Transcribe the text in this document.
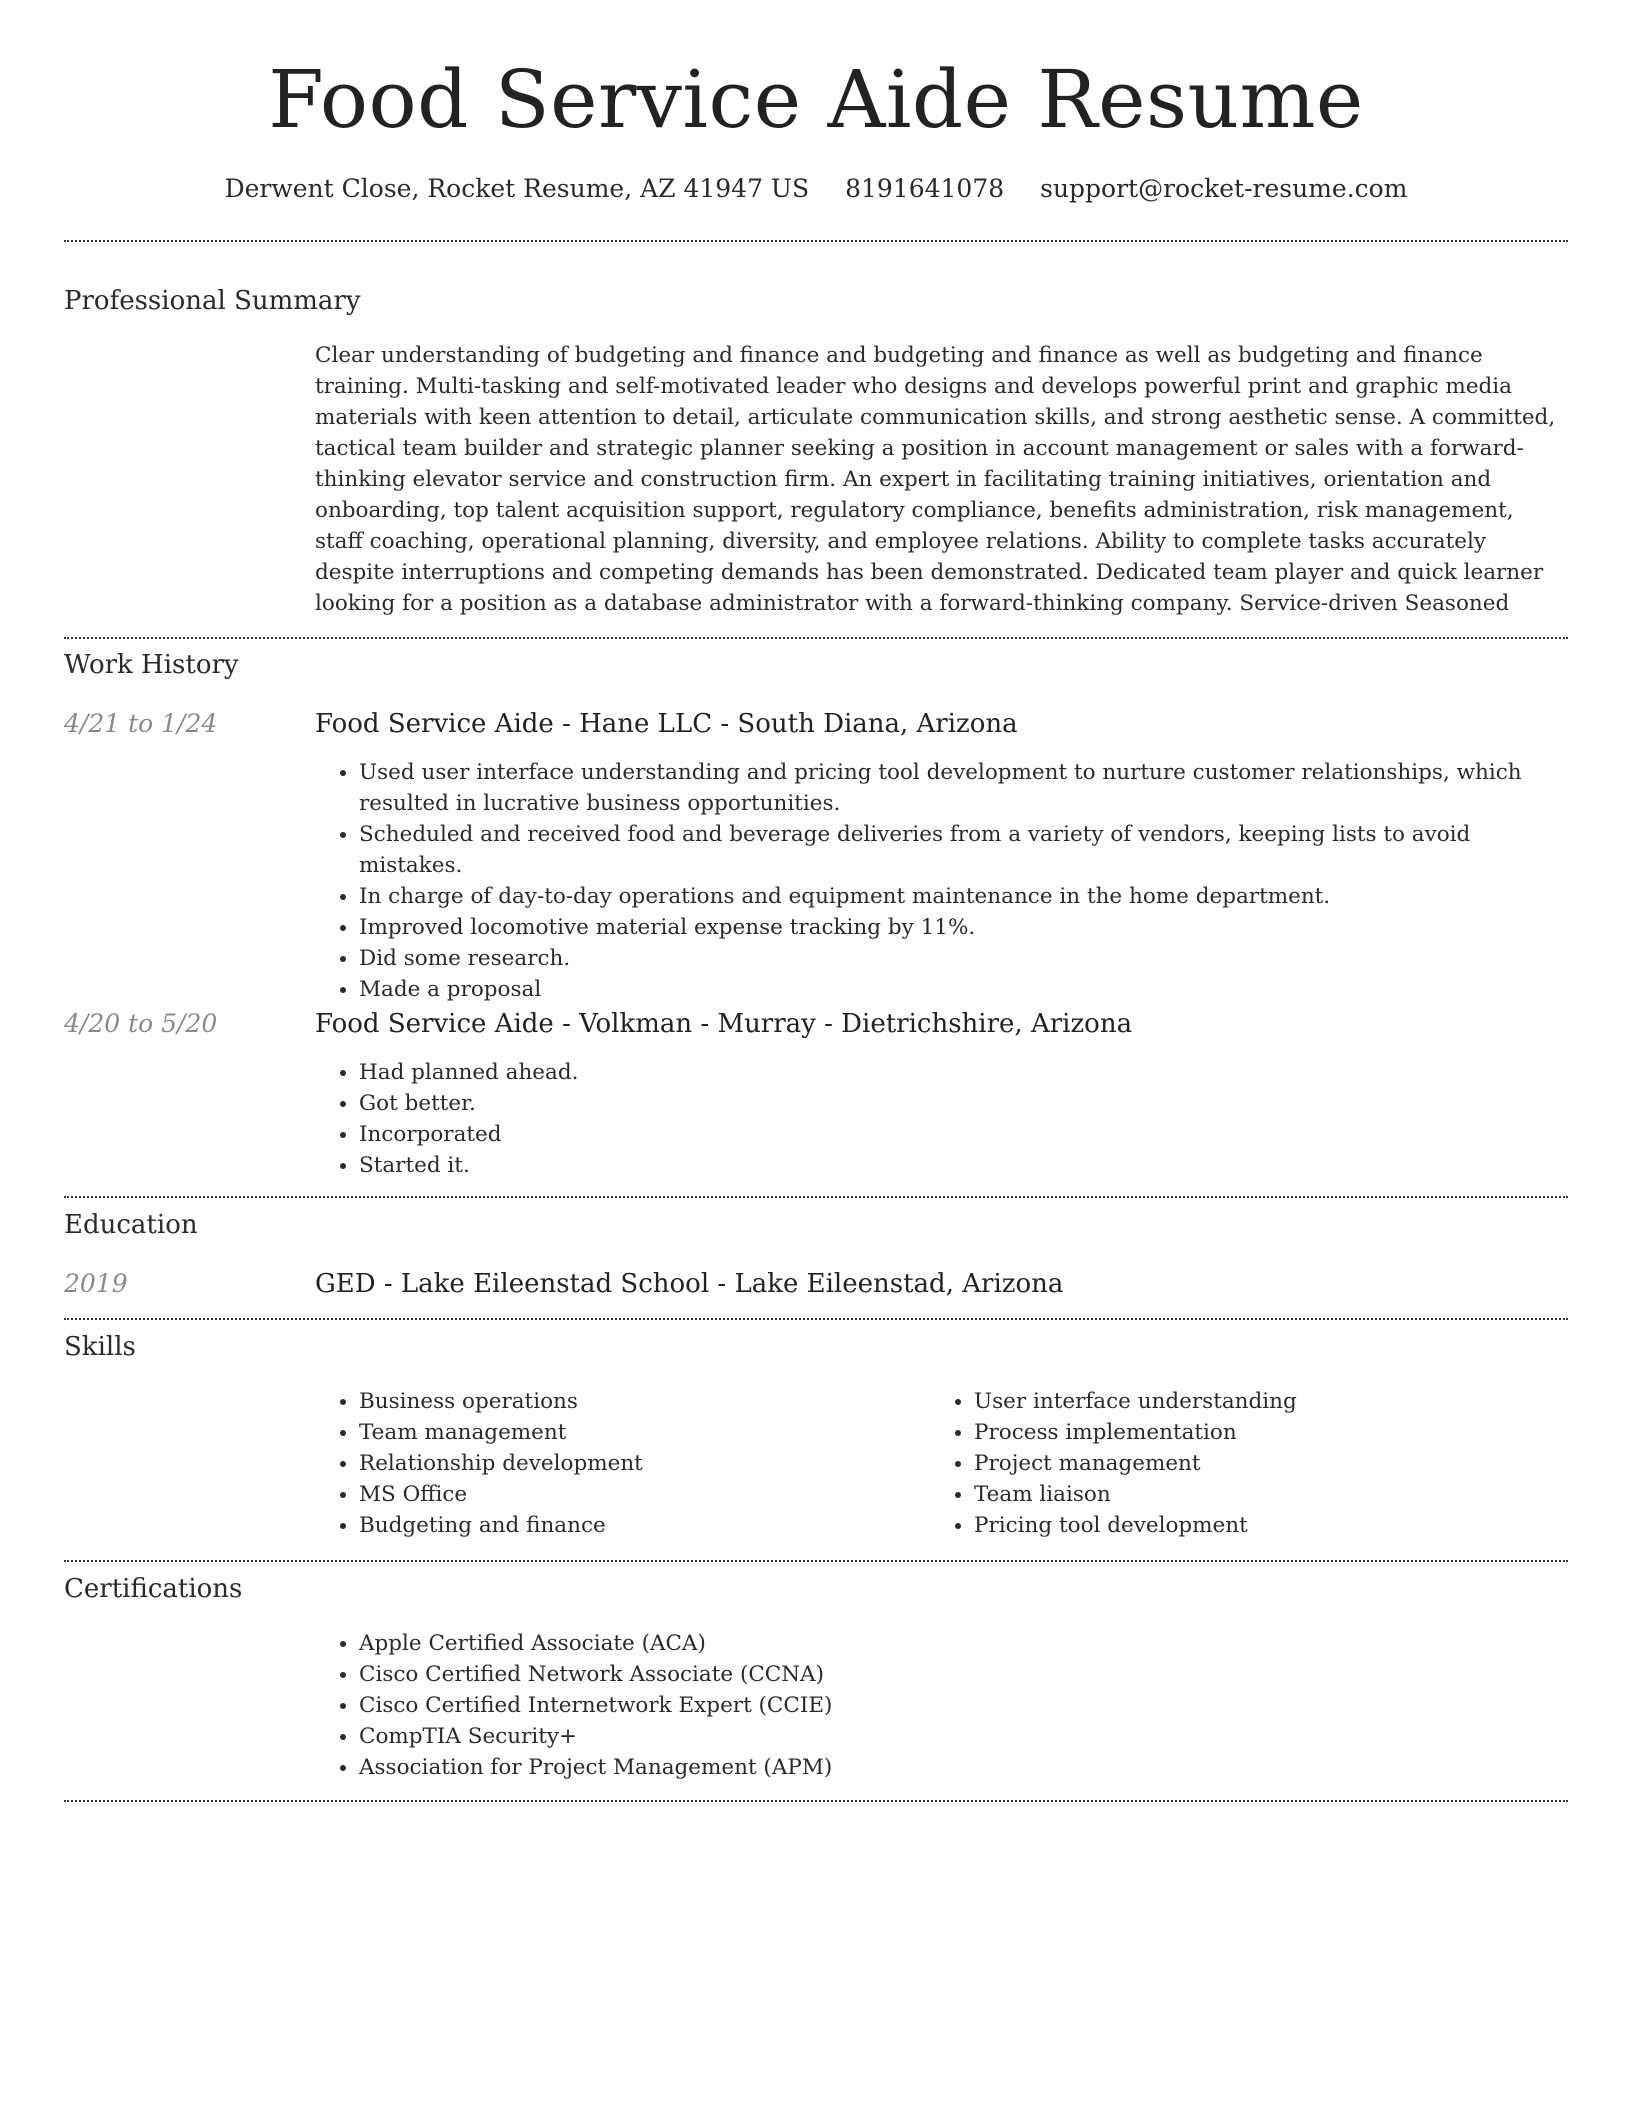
Food Service Aide Resume
Derwent Close, Rocket Resume, AZ 41947 US 8191641078 support@rocket-resume.com
Professional Summary

Clear understanding of budgeting and finance and budgeting and finance as well as budgeting and finance training. Multi-tasking and self-motivated leader who designs and develops powerful print and graphic media materials with keen attention to detail, articulate communication skills, and strong aesthetic sense. A committed, tactical team builder and strategic planner seeking a position in account management or sales with a forward-thinking elevator service and construction firm. An expert in facilitating training initiatives, orientation and onboarding, top talent acquisition support, regulatory compliance, benefits administration, risk management, staff coaching, operational planning, diversity, and employee relations. Ability to complete tasks accurately despite interruptions and competing demands has been demonstrated. Dedicated team player and quick learner looking for a position as a database administrator with a forward-thinking company. Service-driven Seasoned

Work History
4/21 to 1/24	Food Service Aide - Hane LLC - South Diana, Arizona
• Used user interface understanding and pricing tool development to nurture customer relationships, which resulted in lucrative business opportunities.
• Scheduled and received food and beverage deliveries from a variety of vendors, keeping lists to avoid mistakes.
• In charge of day-to-day operations and equipment maintenance in the home department.
• Improved locomotive material expense tracking by 11%.
• Did some research.
• Made a proposal
4/20 to 5/20	Food Service Aide - Volkman - Murray - Dietrichshire, Arizona
• Had planned ahead.
• Got better.
• Incorporated
• Started it.
Education
2019	GED - Lake Eileenstad School - Lake Eileenstad, Arizona
Skills
• Business operations
• Team management
• Relationship development
• MS Office
• Budgeting and finance
• User interface understanding
• Process implementation
• Project management
• Team liaison
• Pricing tool development
Certifications
• Apple Certified Associate (ACA)
• Cisco Certified Network Associate (CCNA)
• Cisco Certified Internetwork Expert (CCIE)
• CompTIA Security+
• Association for Project Management (APM)
